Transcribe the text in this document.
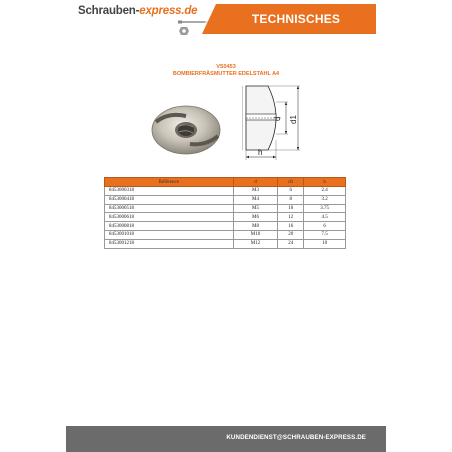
Schrauben-express.de
TECHNISCHES DOKUMENT
VS0453
BOMBIERFRÄSMUTTER EDELSTAHL A4
d d1
h
Référence	d	d1	h
8453000318	M3	6	2.4
8453000418	M4	8	3.2
8453000518	M5	10	3.75
8453000618	M6	12	4.5
8453000818	M8	16	6
8453001018	M10	20	7.5
8453001218	M12	24	10
KUNDENDIENST@SCHRAUBEN-EXPRESS.DE
